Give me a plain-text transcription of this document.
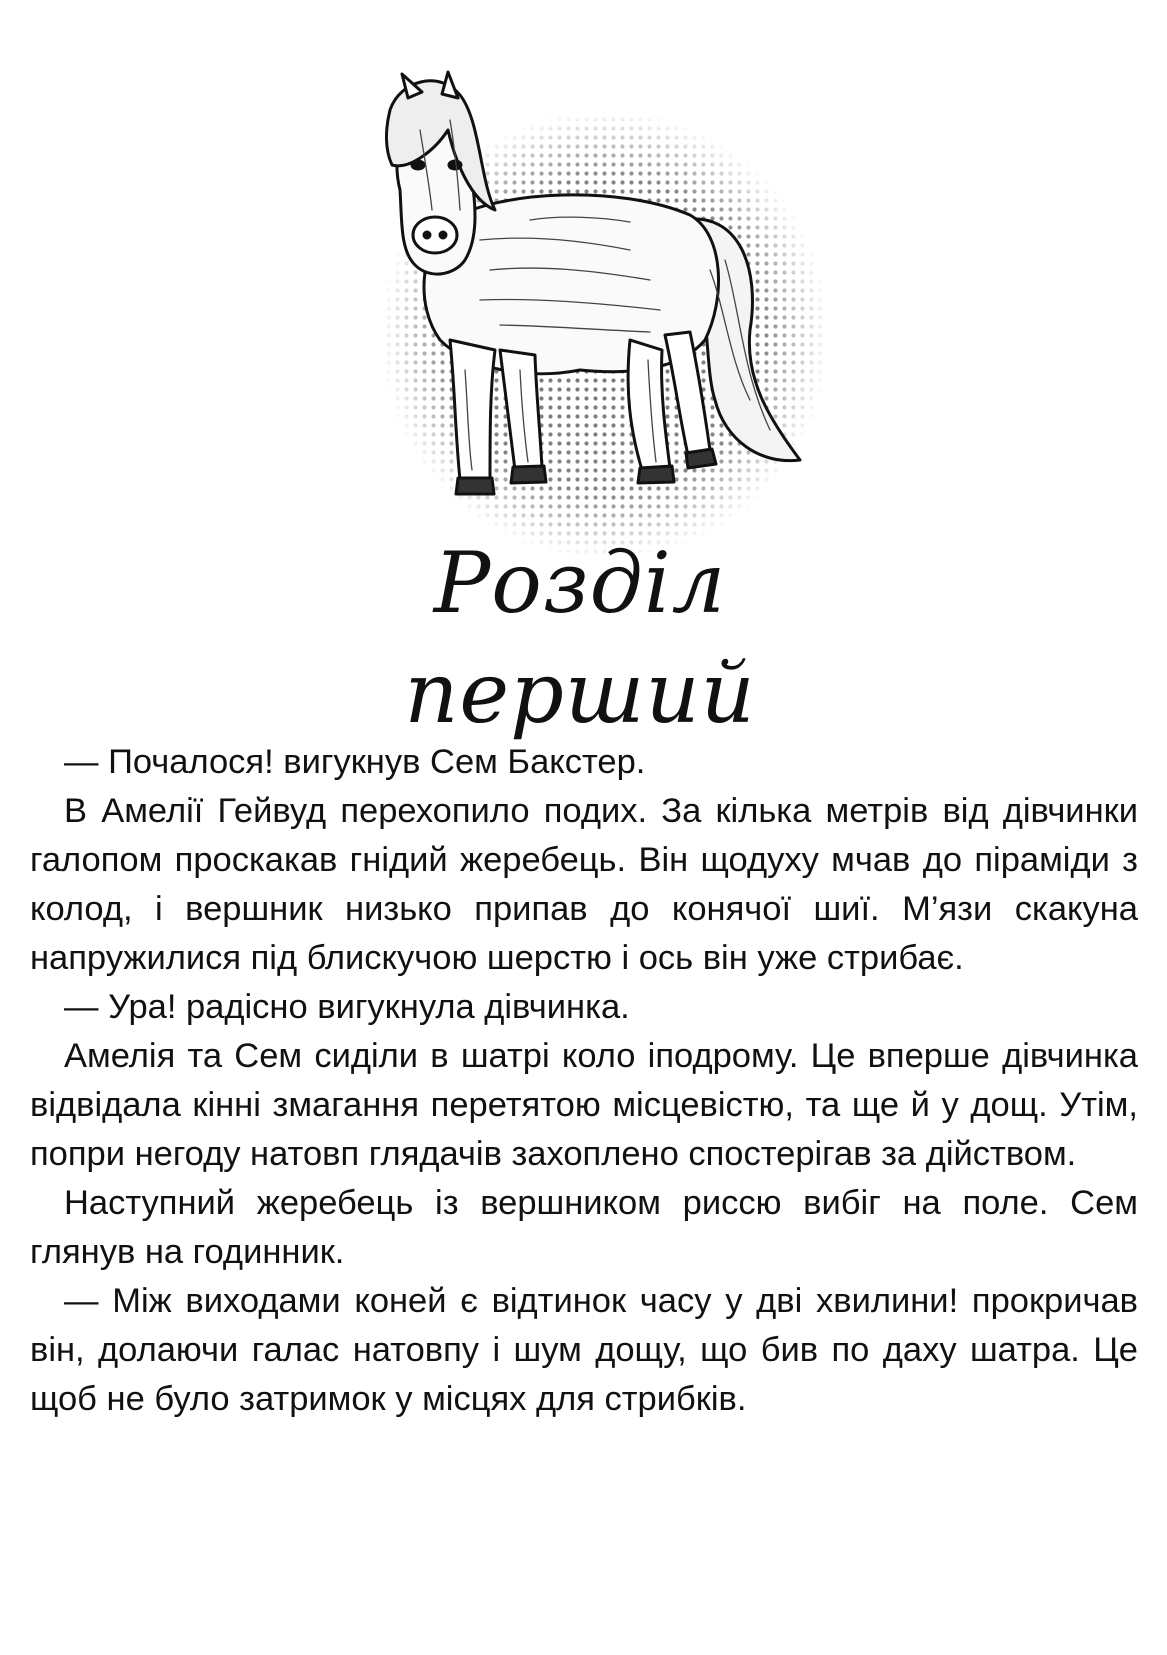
Розділ перший

— Почалося! вигукнув Сем Бакстер.

В Амелії Гейвуд перехопило подих. За кілька метрів від дівчинки галопом проскакав гнідий жеребець. Він щодуху мчав до піраміди з колод, і вершник низько припав до конячої шиї. М’язи скакуна напружилися під блискучою шерстю і ось він уже стрибає.

— Ура! радісно вигукнула дівчинка.

Амелія та Сем сиділи в шатрі коло іподрому. Це вперше дівчинка відвідала кінні змагання перетятою місцевістю, та ще й у дощ. Утім, попри негоду натовп глядачів захоплено спостерігав за дійством.

Наступний жеребець із вершником риссю вибіг на поле. Сем глянув на годинник.

— Між виходами коней є відтинок часу у дві хвилини! прокричав він, долаючи галас натовпу і шум дощу, що бив по даху шатра. Це щоб не було затримок у місцях для стрибків.
